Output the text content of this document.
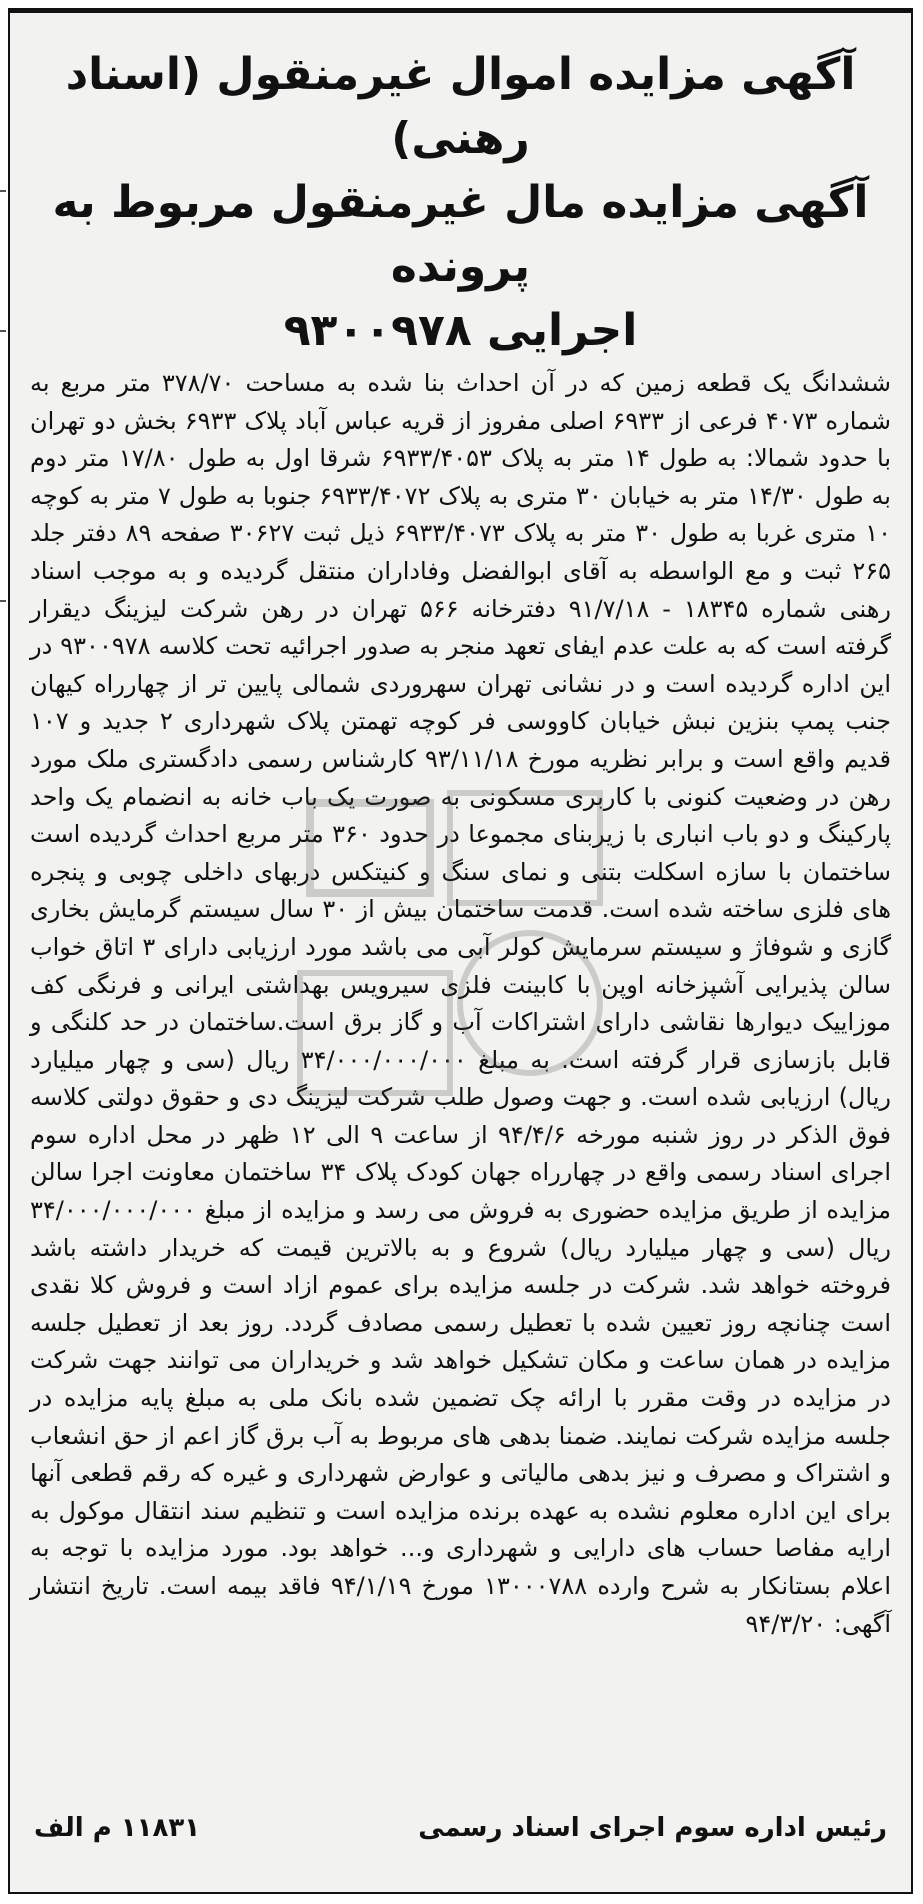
آگهی مزایده اموال غیرمنقول (اسناد رهنی)
آگهی مزایده مال غیرمنقول مربوط به پرونده
اجرایی ۹۳۰۰۹۷۸

ششدانگ یک قطعه زمین که در آن احداث بنا شده به مساحت ۳۷۸/۷۰ متر مربع به شماره ۴۰۷۳ فرعی از ۶۹۳۳ اصلی مفروز از قریه عباس آباد پلاک ۶۹۳۳ بخش دو تهران با حدود شمالا: به طول ۱۴ متر به پلاک ۶۹۳۳/۴۰۵۳ شرقا اول به طول ۱۷/۸۰ متر دوم به طول ۱۴/۳۰ متر به خیابان ۳۰ متری به پلاک ۶۹۳۳/۴۰۷۲ جنوبا به طول ۷ متر به کوچه ۱۰ متری غربا به طول ۳۰ متر به پلاک ۶۹۳۳/۴۰۷۳ ذیل ثبت ۳۰۶۲۷ صفحه ۸۹ دفتر جلد ۲۶۵ ثبت و مع الواسطه به آقای ابوالفضل وفاداران منتقل گردیده و به موجب اسناد رهنی شماره ۱۸۳۴۵ - ۹۱/۷/۱۸ دفترخانه ۵۶۶ تهران در رهن شرکت لیزینگ دیقرار گرفته است که به علت عدم ایفای تعهد منجر به صدور اجرائیه تحت کلاسه ۹۳۰۰۹۷۸ در این اداره گردیده است و در نشانی تهران سهروردی شمالی پایین تر از چهارراه کیهان جنب پمپ بنزین نبش خیابان کاووسی فر کوچه تهمتن پلاک شهرداری ۲ جدید و ۱۰۷ قدیم واقع است و برابر نظریه مورخ ۹۳/۱۱/۱۸ کارشناس رسمی دادگستری ملک مورد رهن در وضعیت کنونی با کاربری مسکونی به صورت یک باب خانه به انضمام یک واحد پارکینگ و دو باب انباری با زیربنای مجموعا در حدود ۳۶۰ متر مربع احداث گردیده است ساختمان با سازه اسکلت بتنی و نمای سنگ و کنیتکس دربهای داخلی چوبی و پنجره های فلزی ساخته شده است. قدمت ساختمان بیش از ۳۰ سال سیستم گرمایش بخاری گازی و شوفاژ و سیستم سرمایش کولر آبی می باشد مورد ارزیابی دارای ۳ اتاق خواب سالن پذیرایی آشپزخانه اوپن با کابینت فلزی سیرویس بهداشتی ایرانی و فرنگی کف موزاییک دیوارها نقاشی دارای اشتراکات آب و گاز برق است.ساختمان در حد کلنگی و قابل بازسازی قرار گرفته است. به مبلغ ۳۴/۰۰۰/۰۰۰/۰۰۰ ریال (سی و چهار میلیارد ریال) ارزیابی شده است. و جهت وصول طلب شرکت لیزینگ دی و حقوق دولتی کلاسه فوق الذکر در روز شنبه مورخه ۹۴/۴/۶ از ساعت ۹ الی ۱۲ ظهر در محل اداره سوم اجرای اسناد رسمی واقع در چهارراه جهان کودک پلاک ۳۴ ساختمان معاونت اجرا سالن مزایده از طریق مزایده حضوری به فروش می رسد و مزایده از مبلغ ۳۴/۰۰۰/۰۰۰/۰۰۰ ریال (سی و چهار میلیارد ریال) شروع و به بالاترین قیمت که خریدار داشته باشد فروخته خواهد شد. شرکت در جلسه مزایده برای عموم ازاد است و فروش کلا نقدی است چنانچه روز تعیین شده با تعطیل رسمی مصادف گردد. روز بعد از تعطیل جلسه مزایده در همان ساعت و مکان تشکیل خواهد شد و خریداران می توانند جهت شرکت در مزایده در وقت مقرر با ارائه چک تضمین شده بانک ملی به مبلغ پایه مزایده در جلسه مزایده شرکت نمایند. ضمنا بدهی های مربوط به آب برق گاز اعم از حق انشعاب و اشتراک و مصرف و نیز بدهی مالیاتی و عوارض شهرداری و غیره که رقم قطعی آنها برای این اداره معلوم نشده به عهده برنده مزایده است و تنظیم سند انتقال موکول به ارایه مفاصا حساب های دارایی و شهرداری و... خواهد بود. مورد مزایده با توجه به اعلام بستانکار به شرح وارده ۱۳۰۰۰۷۸۸ مورخ ۹۴/۱/۱۹ فاقد بیمه است. تاریخ انتشار آگهی: ۹۴/۳/۲۰

رئیس اداره سوم اجرای اسناد رسمی
۱۱۸۳۱ م الف
